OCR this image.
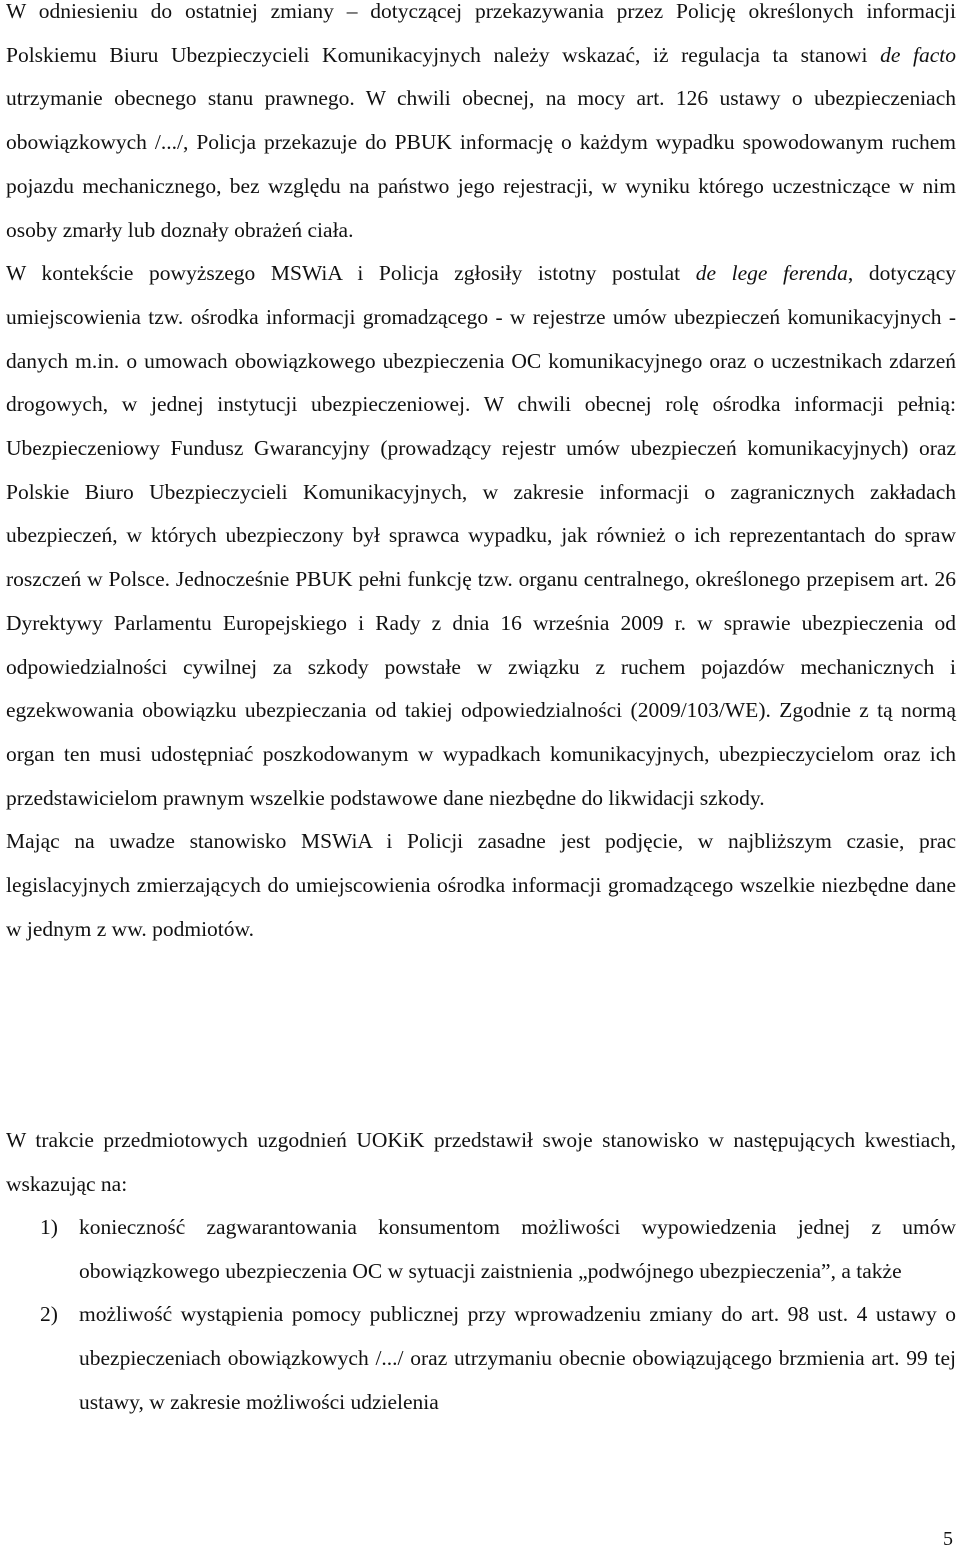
W odniesieniu do ostatniej zmiany – dotyczącej przekazywania przez Policję określonych informacji Polskiemu Biuru Ubezpieczycieli Komunikacyjnych należy wskazać, iż regulacja ta stanowi de facto utrzymanie obecnego stanu prawnego. W chwili obecnej, na mocy art. 126 ustawy o ubezpieczeniach obowiązkowych /.../, Policja przekazuje do PBUK informację o każdym wypadku spowodowanym ruchem pojazdu mechanicznego, bez względu na państwo jego rejestracji, w wyniku którego uczestniczące w nim osoby zmarły lub doznały obrażeń ciała.
W kontekście powyższego MSWiA i Policja zgłosiły istotny postulat de lege ferenda, dotyczący umiejscowienia tzw. ośrodka informacji gromadzącego - w rejestrze umów ubezpieczeń komunikacyjnych - danych m.in. o umowach obowiązkowego ubezpieczenia OC komunikacyjnego oraz o uczestnikach zdarzeń drogowych, w jednej instytucji ubezpieczeniowej. W chwili obecnej rolę ośrodka informacji pełnią: Ubezpieczeniowy Fundusz Gwarancyjny (prowadzący rejestr umów ubezpieczeń komunikacyjnych) oraz Polskie Biuro Ubezpieczycieli Komunikacyjnych, w zakresie informacji o zagranicznych zakładach ubezpieczeń, w których ubezpieczony był sprawca wypadku, jak również o ich reprezentantach do spraw roszczeń w Polsce. Jednocześnie PBUK pełni funkcję tzw. organu centralnego, określonego przepisem art. 26 Dyrektywy Parlamentu Europejskiego i Rady z dnia 16 września 2009 r. w sprawie ubezpieczenia od odpowiedzialności cywilnej za szkody powstałe w związku z ruchem pojazdów mechanicznych i egzekwowania obowiązku ubezpieczania od takiej odpowiedzialności (2009/103/WE). Zgodnie z tą normą organ ten musi udostępniać poszkodowanym w wypadkach komunikacyjnych, ubezpieczycielom oraz ich przedstawicielom prawnym wszelkie podstawowe dane niezbędne do likwidacji szkody.
Mając na uwadze stanowisko MSWiA i Policji zasadne jest podjęcie, w najbliższym czasie, prac legislacyjnych zmierzających do umiejscowienia ośrodka informacji gromadzącego wszelkie niezbędne dane w jednym z ww. podmiotów.

W trakcie przedmiotowych uzgodnień UOKiK przedstawił swoje stanowisko w następujących kwestiach, wskazując na:

1) konieczność zagwarantowania konsumentom możliwości wypowiedzenia jednej z umów obowiązkowego ubezpieczenia OC w sytuacji zaistnienia „podwójnego ubezpieczenia”, a także
2) możliwość wystąpienia pomocy publicznej przy wprowadzeniu zmiany do art. 98 ust. 4 ustawy o ubezpieczeniach obowiązkowych /.../ oraz utrzymaniu obecnie obowiązującego brzmienia art. 99 tej ustawy, w zakresie możliwości udzielenia
5
